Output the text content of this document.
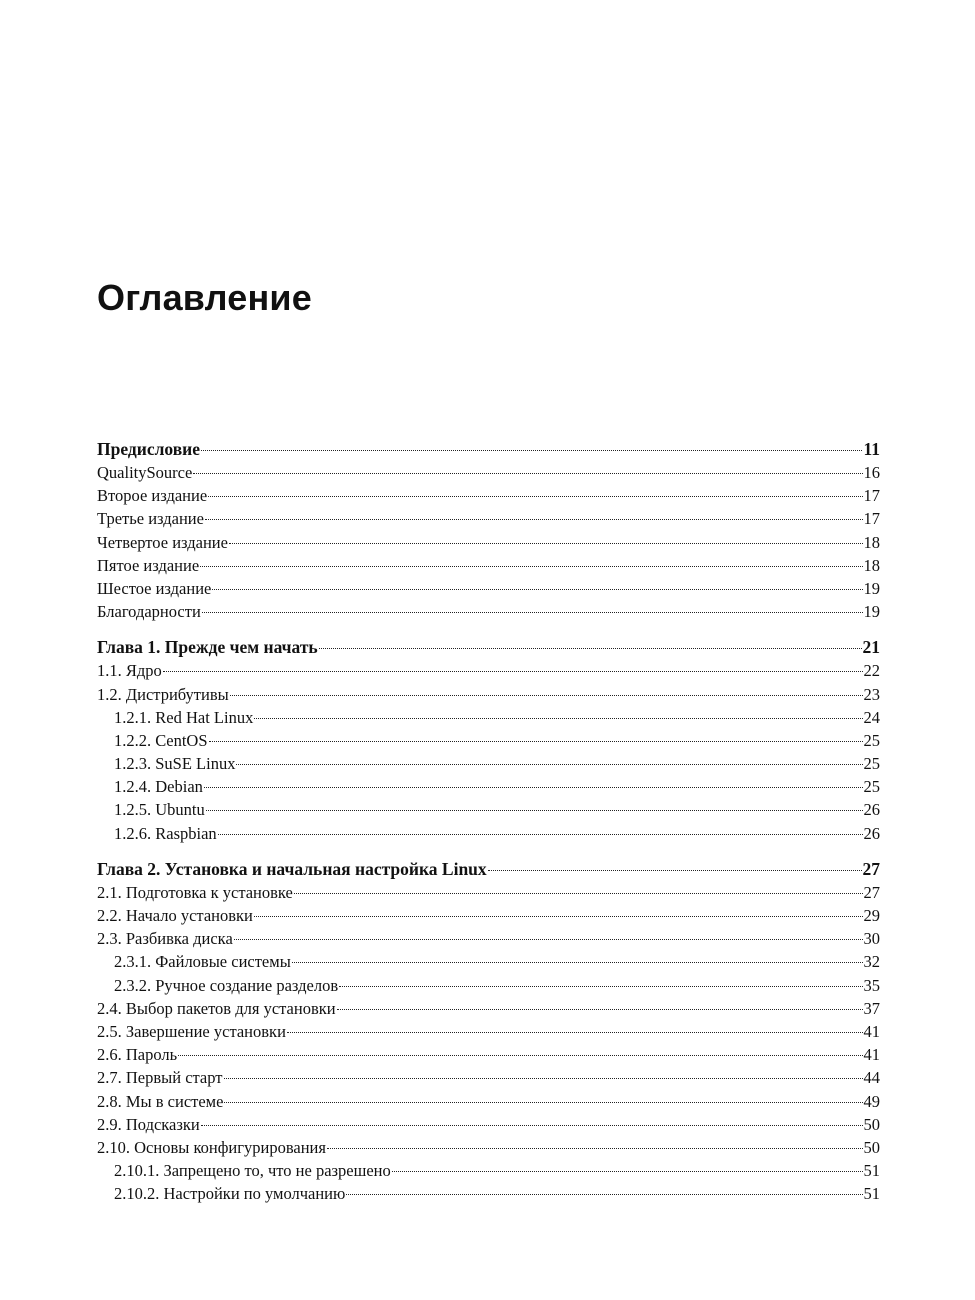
Оглавление
Предисловие	11
QualitySource	16
Второе издание	17
Третье издание	17
Четвертое издание	18
Пятое издание	18
Шестое издание	19
Благодарности	19
Глава 1. Прежде чем начать	21
1.1. Ядро	22
1.2. Дистрибутивы	23
1.2.1. Red Hat Linux	24
1.2.2. CentOS	25
1.2.3. SuSE Linux	25
1.2.4. Debian	25
1.2.5. Ubuntu	26
1.2.6. Raspbian	26
Глава 2. Установка и начальная настройка Linux	27
2.1. Подготовка к установке	27
2.2. Начало установки	29
2.3. Разбивка диска	30
2.3.1. Файловые системы	32
2.3.2. Ручное создание разделов	35
2.4. Выбор пакетов для установки	37
2.5. Завершение установки	41
2.6. Пароль	41
2.7. Первый старт	44
2.8. Мы в системе	49
2.9. Подсказки	50
2.10. Основы конфигурирования	50
2.10.1. Запрещено то, что не разрешено	51
2.10.2. Настройки по умолчанию	51
